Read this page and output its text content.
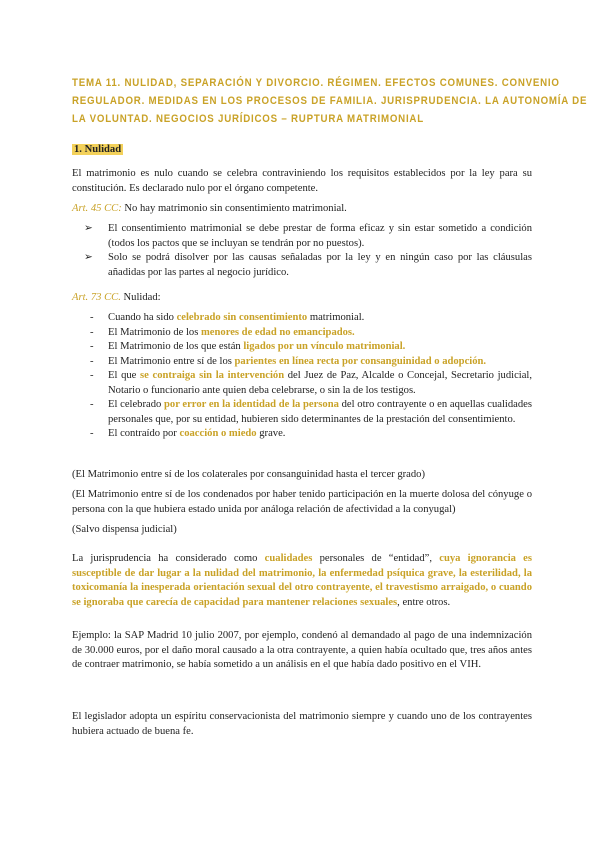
TEMA 11. NULIDAD, SEPARACIÓN Y DIVORCIO. RÉGIMEN. EFECTOS COMUNES. CONVENIO
REGULADOR. MEDIDAS EN LOS PROCESOS DE FAMILIA. JURISPRUDENCIA. LA AUTONOMÍA DE
LA VOLUNTAD. NEGOCIOS JURÍDICOS – RUPTURA MATRIMONIAL
1. Nulidad
El matrimonio es nulo cuando se celebra contraviniendo los requisitos establecidos por la ley para su constitución. Es declarado nulo por el órgano competente.
Art. 45 CC: No hay matrimonio sin consentimiento matrimonial.
➢ El consentimiento matrimonial se debe prestar de forma eficaz y sin estar sometido a condición (todos los pactos que se incluyan se tendrán por no puestos).
➢ Solo se podrá disolver por las causas señaladas por la ley y en ningún caso por las cláusulas añadidas por las partes al negocio jurídico.
Art. 73 CC. Nulidad:
- Cuando ha sido celebrado sin consentimiento matrimonial.
- El Matrimonio de los menores de edad no emancipados.
- El Matrimonio de los que están ligados por un vínculo matrimonial.
- El Matrimonio entre sí de los parientes en línea recta por consanguinidad o adopción.
- El que se contraiga sin la intervención del Juez de Paz, Alcalde o Concejal, Secretario judicial, Notario o funcionario ante quien deba celebrarse, o sin la de los testigos.
- El celebrado por error en la identidad de la persona del otro contrayente o en aquellas cualidades personales que, por su entidad, hubieren sido determinantes de la prestación del consentimiento.
- El contraído por coacción o miedo grave.
(El Matrimonio entre sí de los colaterales por consanguinidad hasta el tercer grado)
(El Matrimonio entre sí de los condenados por haber tenido participación en la muerte dolosa del cónyuge o persona con la que hubiera estado unida por análoga relación de afectividad a la conyugal)
(Salvo dispensa judicial)
La jurisprudencia ha considerado como cualidades personales de “entidad”, cuya ignorancia es susceptible de dar lugar a la nulidad del matrimonio, la enfermedad psíquica grave, la esterilidad, la toxicomanía la inesperada orientación sexual del otro contrayente, el travestismo arraigado, o cuando se ignoraba que carecía de capacidad para mantener relaciones sexuales, entre otros.
Ejemplo: la SAP Madrid 10 julio 2007, por ejemplo, condenó al demandado al pago de una indemnización de 30.000 euros, por el daño moral causado a la otra contrayente, a quien había ocultado que, tres años antes de contraer matrimonio, se había sometido a un análisis en el que había dado positivo en el VIH.
El legislador adopta un espíritu conservacionista del matrimonio siempre y cuando uno de los contrayentes hubiera actuado de buena fe.
